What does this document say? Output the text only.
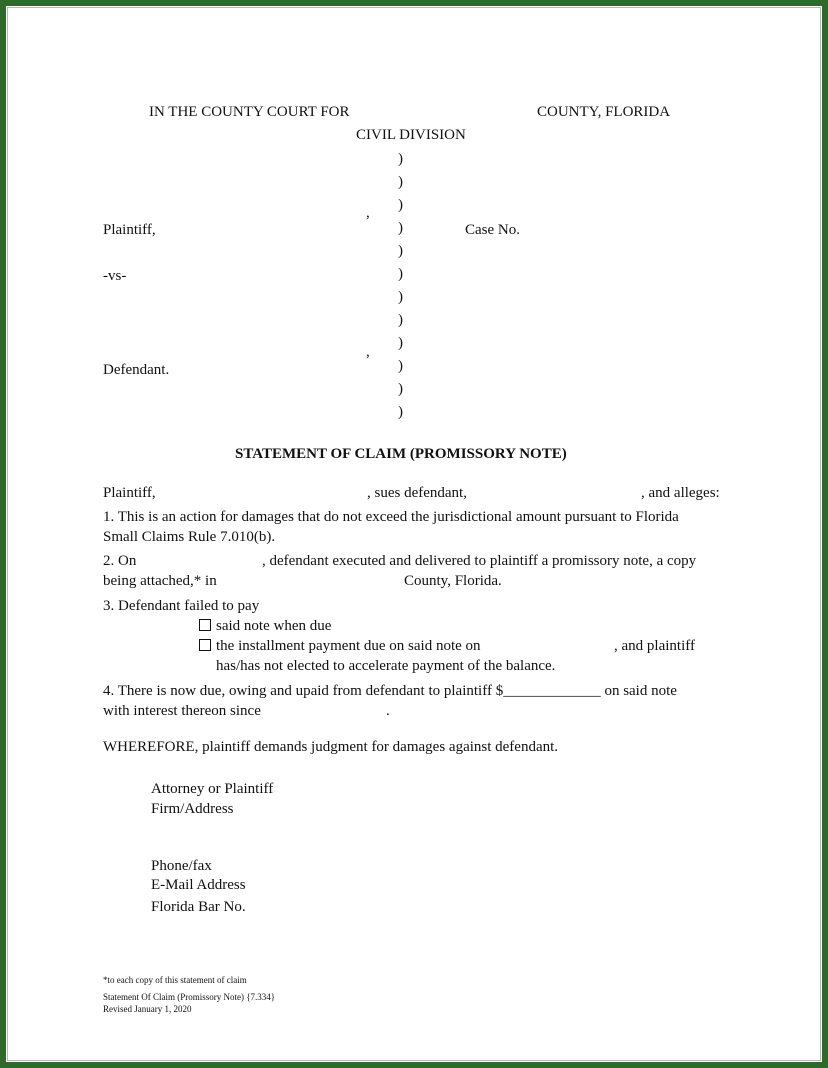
IN THE COUNTY COURT FOR	COUNTY, FLORIDA
CIVIL DIVISION
)
)
)
)
)
)
)
)
)
)
)
)
,
Plaintiff,	Case No.
-vs-
,
Defendant.
STATEMENT OF CLAIM (PROMISSORY NOTE)
Plaintiff,	, sues defendant,	, and alleges:
1. This is an action for damages that do not exceed the jurisdictional amount pursuant to Florida
Small Claims Rule 7.010(b).
2. On	, defendant executed and delivered to plaintiff a promissory note, a copy
being attached,* in	County, Florida.
3. Defendant failed to pay
said note when due
the installment payment due on said note on	, and plaintiff
has/has not elected to accelerate payment of the balance.
4. There is now due, owing and upaid from defendant to plaintiff $_____________ on said note
with interest thereon since	.
WHEREFORE, plaintiff demands judgment for damages against defendant.
Attorney or Plaintiff
Firm/Address
Phone/fax
E-Mail Address
Florida Bar No.
*to each copy of this statement of claim
Statement Of Claim (Promissory Note) {7.334}
Revised January 1, 2020
